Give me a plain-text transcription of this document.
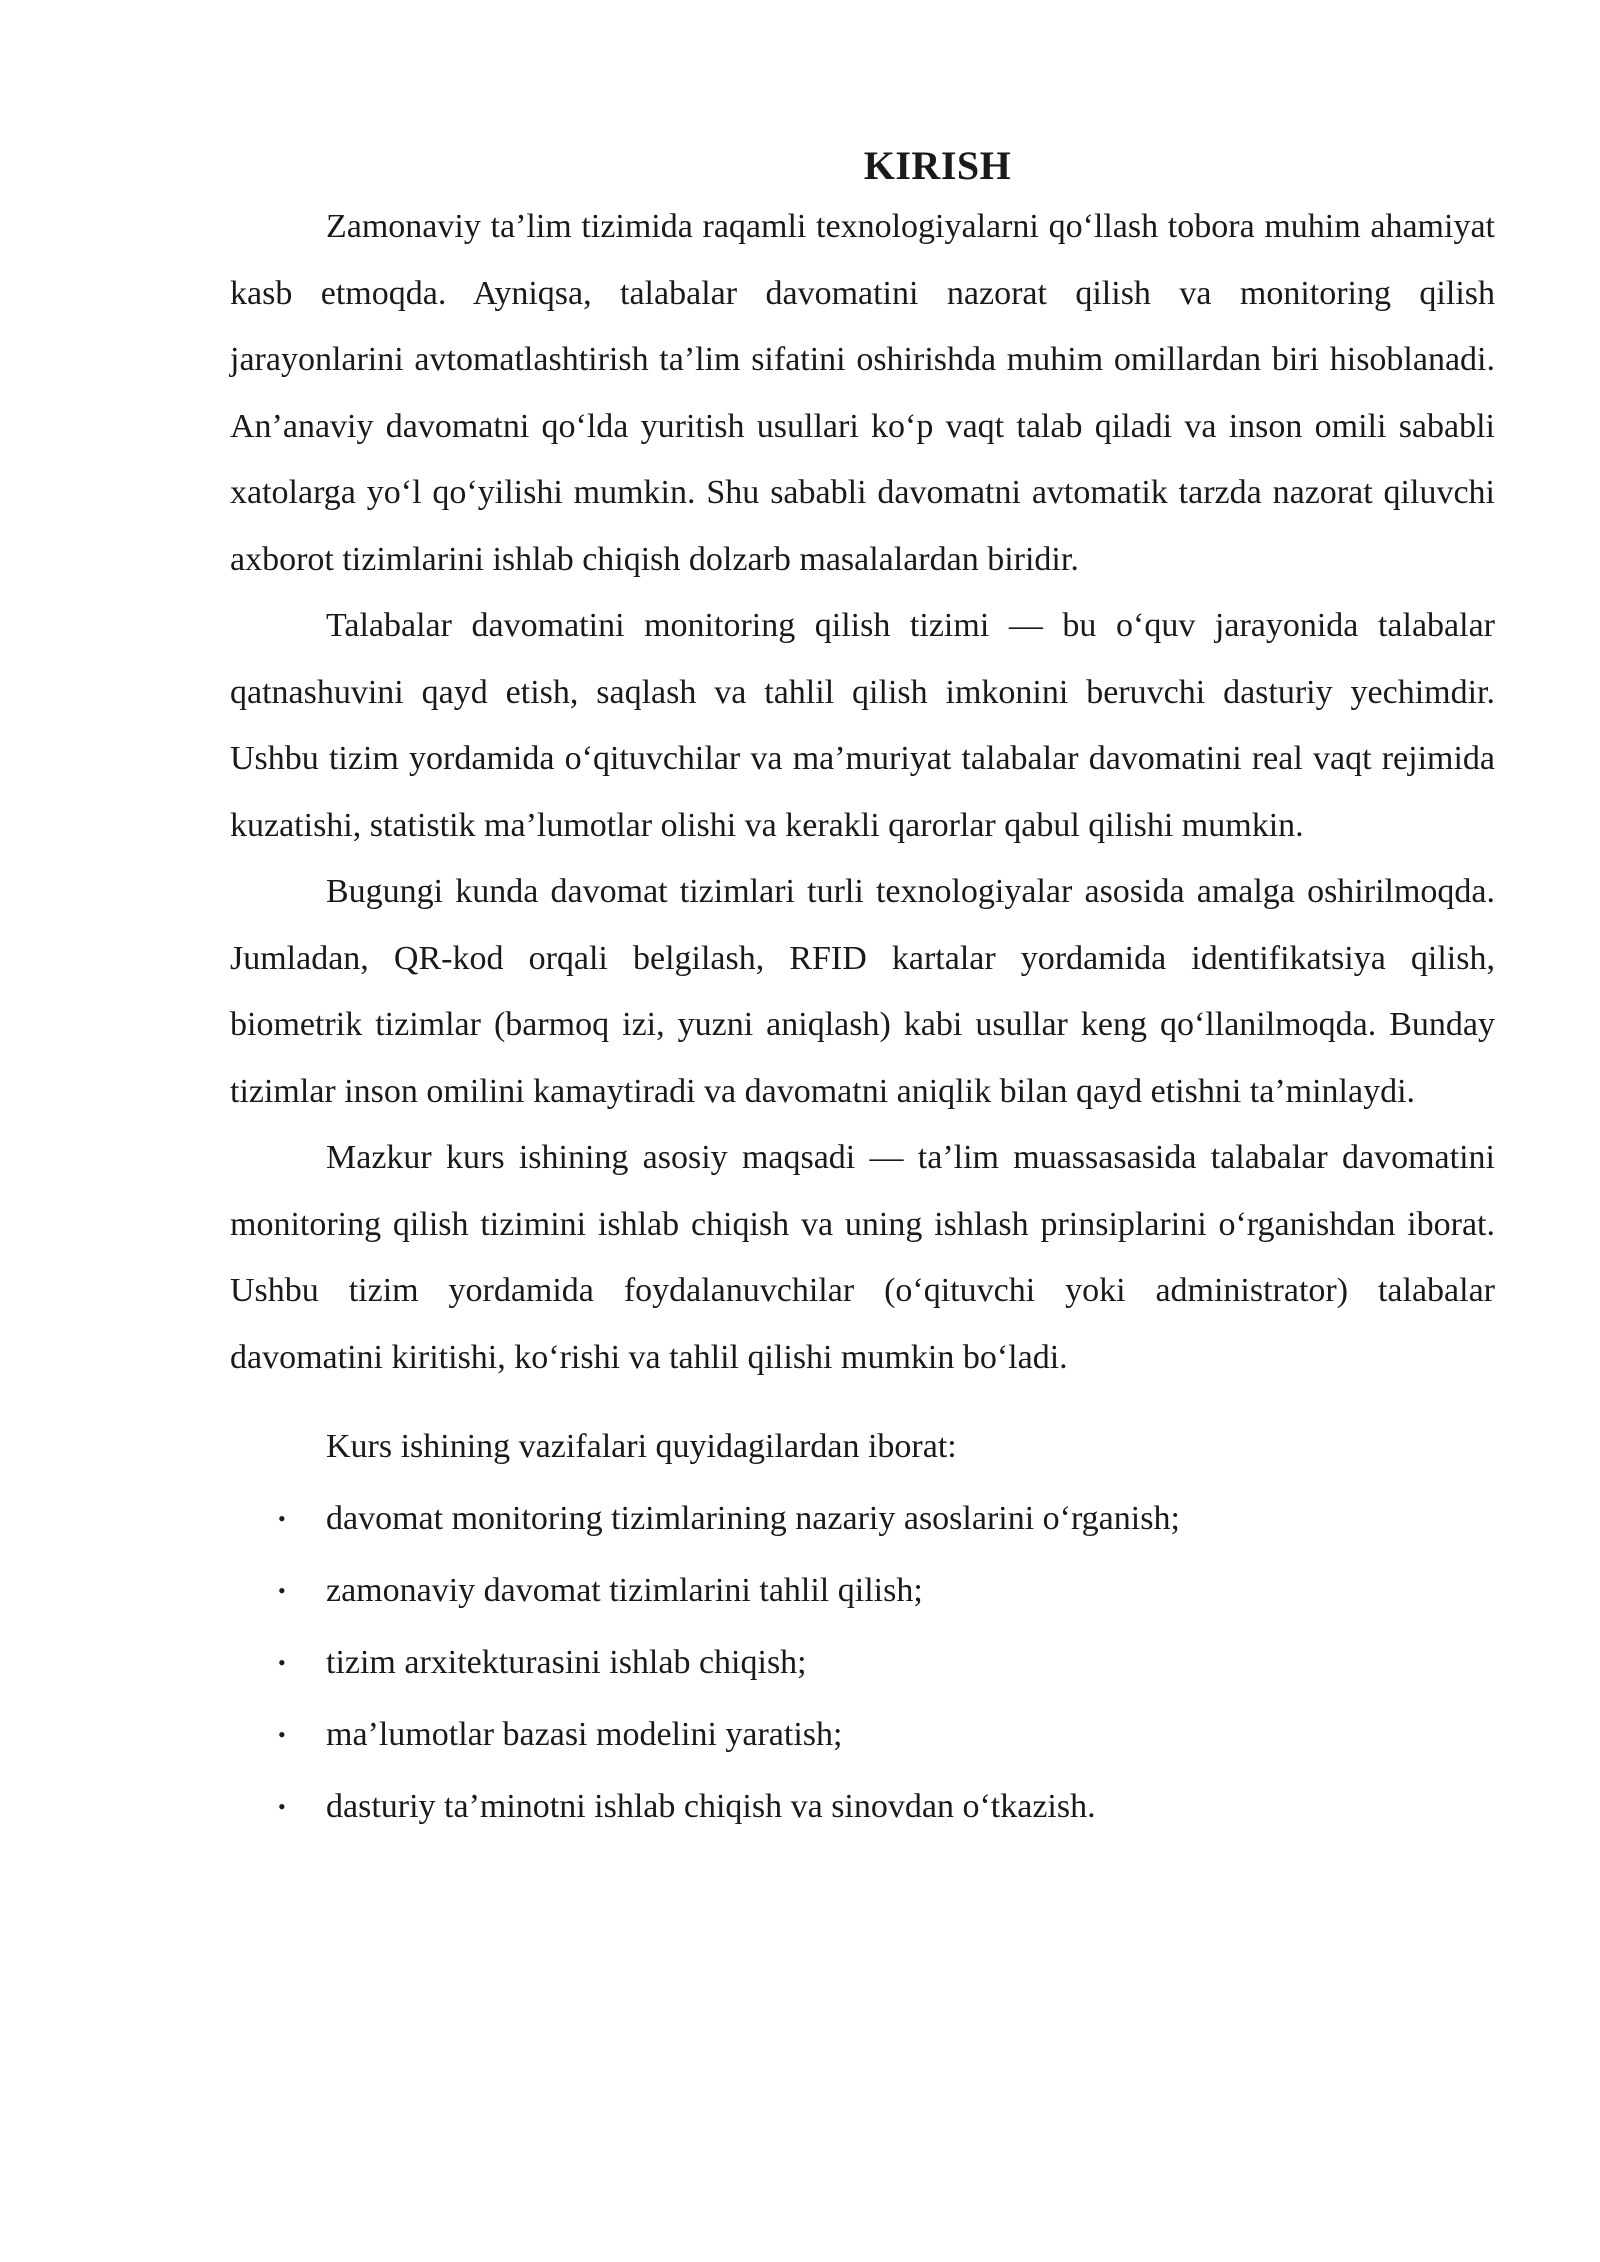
KIRISH

Zamonaviy ta’lim tizimida raqamli texnologiyalarni qo‘llash tobora muhim ahamiyat kasb etmoqda. Ayniqsa, talabalar davomatini nazorat qilish va monitoring qilish jarayonlarini avtomatlashtirish ta’lim sifatini oshirishda muhim omillardan biri hisoblanadi. An’anaviy davomatni qo‘lda yuritish usullari ko‘p vaqt talab qiladi va inson omili sababli xatolarga yo‘l qo‘yilishi mumkin. Shu sababli davomatni avtomatik tarzda nazorat qiluvchi axborot tizimlarini ishlab chiqish dolzarb masalalardan biridir.

Talabalar davomatini monitoring qilish tizimi — bu o‘quv jarayonida talabalar qatnashuvini qayd etish, saqlash va tahlil qilish imkonini beruvchi dasturiy yechimdir. Ushbu tizim yordamida o‘qituvchilar va ma’muriyat talabalar davomatini real vaqt rejimida kuzatishi, statistik ma’lumotlar olishi va kerakli qarorlar qabul qilishi mumkin.

Bugungi kunda davomat tizimlari turli texnologiyalar asosida amalga oshirilmoqda. Jumladan, QR-kod orqali belgilash, RFID kartalar yordamida identifikatsiya qilish, biometrik tizimlar (barmoq izi, yuzni aniqlash) kabi usullar keng qo‘llanilmoqda. Bunday tizimlar inson omilini kamaytiradi va davomatni aniqlik bilan qayd etishni ta’minlaydi.

Mazkur kurs ishining asosiy maqsadi — ta’lim muassasasida talabalar davomatini monitoring qilish tizimini ishlab chiqish va uning ishlash prinsiplarini o‘rganishdan iborat. Ushbu tizim yordamida foydalanuvchilar (o‘qituvchi yoki administrator) talabalar davomatini kiritishi, ko‘rishi va tahlil qilishi mumkin bo‘ladi.

Kurs ishining vazifalari quyidagilardan iborat:

• davomat monitoring tizimlarining nazariy asoslarini o‘rganish;
• zamonaviy davomat tizimlarini tahlil qilish;
• tizim arxitekturasini ishlab chiqish;
• ma’lumotlar bazasi modelini yaratish;
• dasturiy ta’minotni ishlab chiqish va sinovdan o‘tkazish.
